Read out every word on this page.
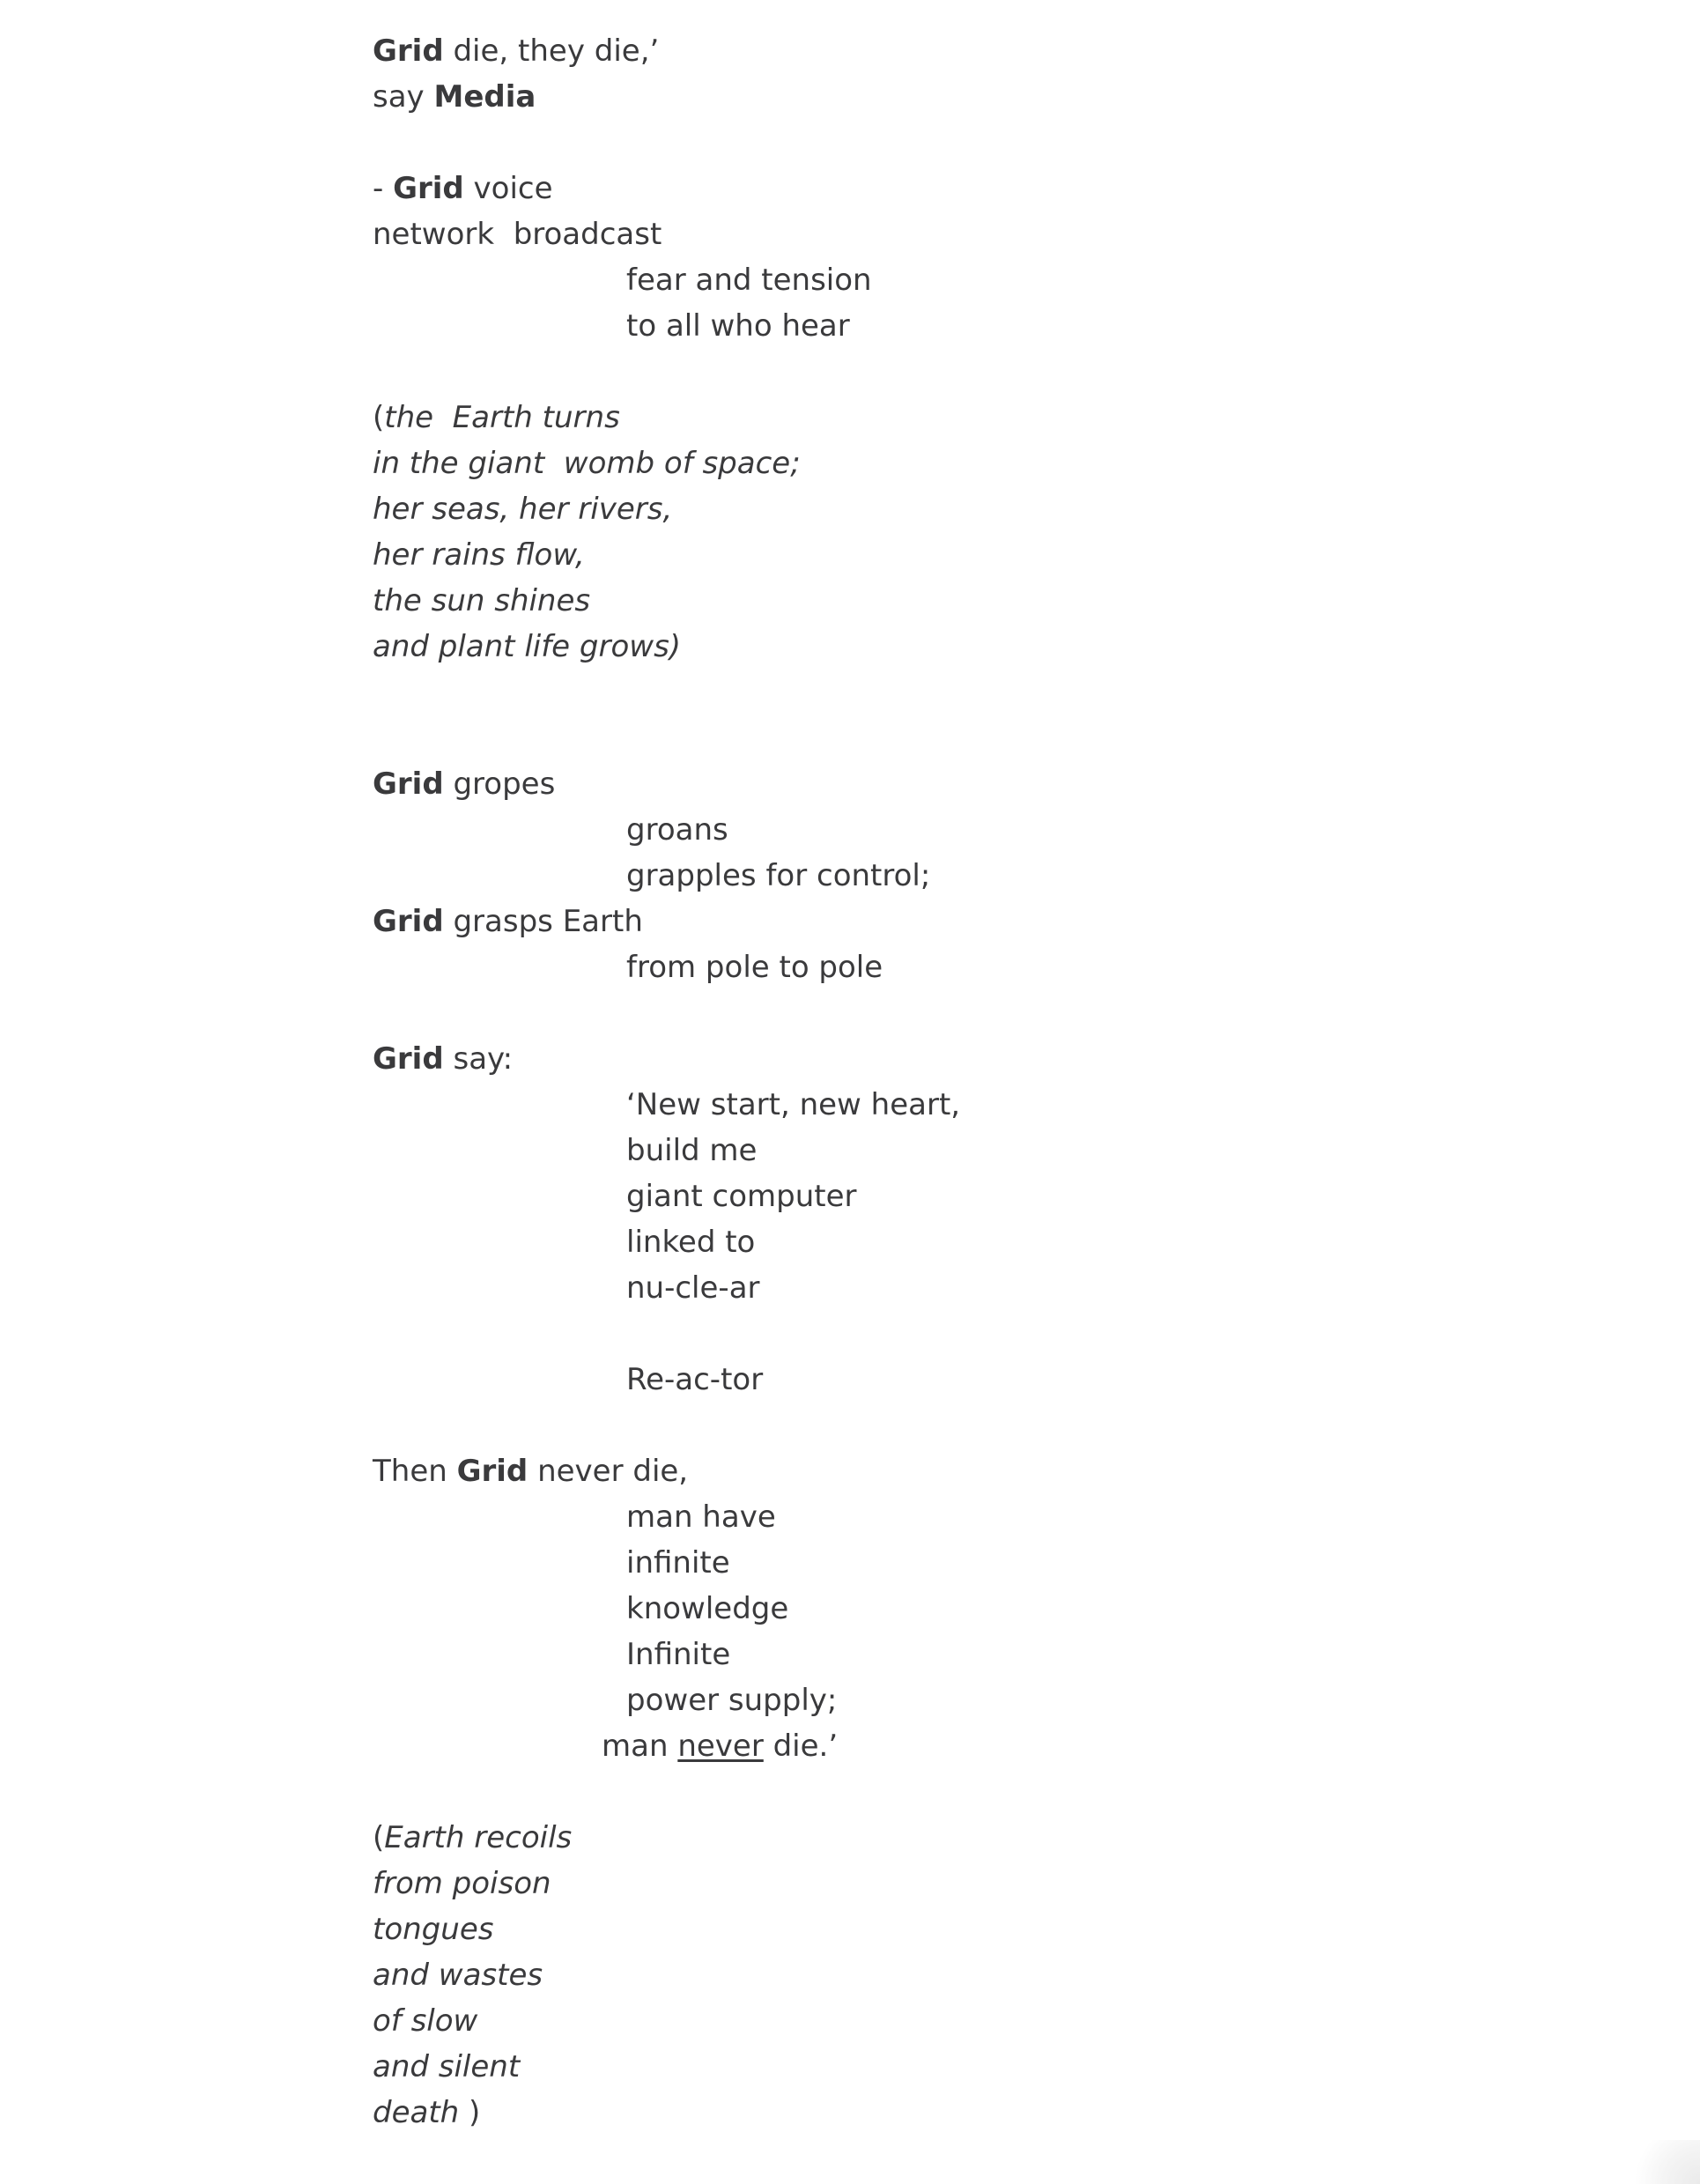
Grid die, they die,’
say Media
- Grid voice
network  broadcast
fear and tension
to all who hear
(the  Earth turns
in the giant  womb of space;
her seas, her rivers,
her rains flow,
the sun shines
and plant life grows)
Grid gropes
groans
grapples for control;
Grid grasps Earth
from pole to pole
Grid say:
‘New start, new heart,
build me
giant computer
linked to
nu-cle-ar
Re-ac-tor
Then Grid never die,
man have
infinite
knowledge
Infinite
power supply;
man never die.’
(Earth recoils
from poison
tongues
and wastes
of slow
and silent
death )
